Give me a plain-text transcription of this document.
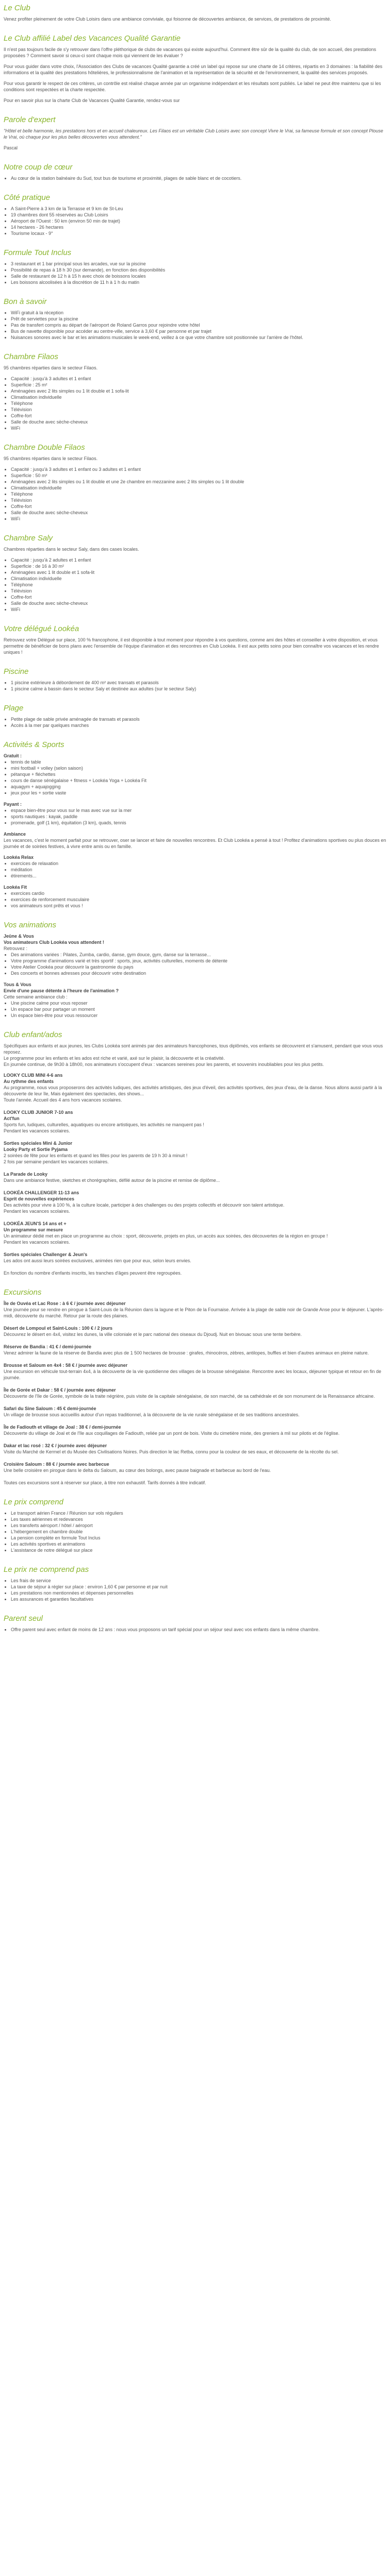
Le Club

Venez profiter pleinement de votre Club Loisirs dans une ambiance conviviale, qui foisonne de découvertes ambiance, de services, de prestations de proximité.

Le Club affilié Label des Vacances Qualité Garantie

Il n'est pas toujours facile de s'y retrouver dans l'offre pléthorique de clubs de vacances qui existe aujourd'hui. Comment être sûr de la qualité du club, de son accueil, des prestations proposées ? Comment savoir si ceux-ci sont chaque mois qui viennent de les évaluer ?

Pour vous guider dans votre choix, l'Association des Clubs de vacances Qualité garantie a créé un label qui repose sur une charte de 14 critères, répartis en 3 domaines : la fiabilité des informations et la qualité des prestations hôtelières, le professionnalisme de l'animation et la représentation de la sécurité et de l'environnement, la qualité des services proposés.

Pour vous garantir le respect de ces critères, un contrôle est réalisé chaque année par un organisme indépendant et les résultats sont publiés. Le label ne peut être maintenu que si les conditions sont respectées et la charte respectée.

Pour en savoir plus sur la charte Club de Vacances Qualité Garantie, rendez-vous sur

Parole d'expert

"Hôtel et belle harmonie, les prestations hors et en accueil chaleureux. Les Filaos est un véritable Club Loisirs avec son concept Vivre le Vrai, sa fameuse formule et son concept Plouse le Vrai, où chaque jour les plus belles découvertes vous attendent."

Pascal

Notre coup de cœur
• Au cœur de la station balnéaire du Sud, tout bus de tourisme et proximité, plages de sable blanc et de cocotiers.
Côté pratique
• A Saint-Pierre à 3 km de la Terrasse et 9 km de St-Leu
• 19 chambres dont 55 réservées au Club Loisirs
• Aéroport de l'Ouest : 50 km (environ 50 min de trajet)
• 14 hectares - 26 hectares
• Tourisme locaux - 9°
Formule Tout Inclus
• 3 restaurant et 1 bar principal sous les arcades, vue sur la piscine
• Possibilité de repas à 18 h 30 (sur demande), en fonction des disponibilités
• Salle de restaurant de 12 h à 15 h avec choix de boissons locales
• Les boissons alcoolisées à la discrétion de 11 h à 1 h du matin
Bon à savoir
• WiFi gratuit à la réception
• Prêt de serviettes pour la piscine
• Pas de transfert compris au départ de l'aéroport de Roland Garros pour rejoindre votre hôtel
• Bus de navette disponible pour accéder au centre-ville, service à 3,60 € par personne et par trajet
• Nuisances sonores avec le bar et les animations musicales le week-end, veillez à ce que votre chambre soit positionnée sur l'arrière de l'hôtel.
Chambre Filaos

95 chambres réparties dans le secteur Filaos.

• Capacité : jusqu'à 3 adultes et 1 enfant
• Superficie : 25 m²
• Aménagées avec 2 lits simples ou 1 lit double et 1 sofa-lit
• Climatisation individuelle
• Téléphone
• Télévision
• Coffre-fort
• Salle de douche avec sèche-cheveux
• WiFi
Chambre Double Filaos

95 chambres réparties dans le secteur Filaos.

• Capacité : jusqu'à 3 adultes et 1 enfant ou 3 adultes et 1 enfant
• Superficie : 50 m²
• Aménagées avec 2 lits simples ou 1 lit double et une 2e chambre en mezzanine avec 2 lits simples ou 1 lit double
• Climatisation individuelle
• Téléphone
• Télévision
• Coffre-fort
• Salle de douche avec sèche-cheveux
• WiFi
Chambre Saly

Chambres réparties dans le secteur Saly, dans des cases locales.

• Capacité : jusqu'à 2 adultes et 1 enfant
• Superficie : de 16 à 30 m²
• Aménagées avec 1 lit double et 1 sofa-lit
• Climatisation individuelle
• Téléphone
• Télévision
• Coffre-fort
• Salle de douche avec sèche-cheveux
• WiFi
Votre délégué Lookéa

Retrouvez votre Délégué sur place, 100 % francophone, il est disponible à tout moment pour répondre à vos questions, comme ami des hôtes et conseiller à votre disposition, et vous permettre de bénéficier de bons plans avec l'ensemble de l'équipe d'animation et des rencontres en Club Lookéa. Il est aux petits soins pour bien connaître vos vacances et les rendre uniques !

Piscine
• 1 piscine extérieure à débordement de 400 m² avec transats et parasols
• 1 piscine calme à bassin dans le secteur Saly et destinée aux adultes (sur le secteur Saly)
Plage
• Petite plage de sable privée aménagée de transats et parasols
• Accès à la mer par quelques marches
Activités & Sports

Gratuit :

• tennis de table
• mini football + volley (selon saison)
• pétanque + fléchettes
• cours de danse sénégalaise + fitness + Lookéa Yoga + Lookéa Fit
• aquagym + aquajogging
• jeux pour les + sortie vaste

Payant :

• espace bien-être pour vous sur le mas avec vue sur la mer
• sports nautiques : kayak, paddle
• promenade, golf (1 km), équitation (3 km), quads, tennis

Ambiance

Les vacances, c'est le moment parfait pour se retrouver, oser se lancer et faire de nouvelles rencontres. Et Club Lookéa a pensé à tout ! Profitez d'animations sportives ou plus douces en journée et de soirées festives, à vivre entre amis ou en famille.

Lookéa Relax

• exercices de relaxation
• méditation
• étirements...

Lookéa Fit

• exercices cardio
• exercices de renforcement musculaire
• vos animateurs sont prêts et vous !
Vos animations

Jeûne & Vous

Vos animateurs Club Lookéa vous attendent !

Retrouvez :

• Des animations variées : Pilates, Zumba, cardio, danse, gym douce, gym, danse sur la terrasse...
• Votre programme d'animations varié et très sportif : sports, jeux, activités culturelles, moments de détente
• Votre Atelier Cookéa pour découvrir la gastronomie du pays
• Des concerts et bonnes adresses pour découvrir votre destination

Tous & Vous

Envie d'une pause détente à l'heure de l'animation ?

Cette semaine ambiance club :

• Une piscine calme pour vous reposer
• Un espace bar pour partager un moment
• Un espace bien-être pour vous ressourcer
Club enfant/ados

Spécifiques aux enfants et aux jeunes, les Clubs Lookéa sont animés par des animateurs francophones, tous diplômés, vos enfants se découvrent et s'amusent, pendant que vous vous reposez.

Le programme pour les enfants et les ados est riche et varié, axé sur le plaisir, la découverte et la créativité.

En journée continue, de 9h30 à 18h00, nos animateurs s'occupent d'eux : vacances sereines pour les parents, et souvenirs inoubliables pour les plus petits.

LOOKY CLUB MINI 4-6 ans

Au rythme des enfants

Au programme, nous vous proposerons des activités ludiques, des activités artistiques, des jeux d'éveil, des activités sportives, des jeux d'eau, de la danse. Nous allons aussi partir à la découverte de leur île, Mais également des spectacles, des shows...

Toute l'année. Accueil des 4 ans hors vacances scolaires.

LOOKY CLUB JUNIOR 7-10 ans

Act'fun

Sports fun, ludiques, culturelles, aquatiques ou encore artistiques, les activités ne manquent pas !

Pendant les vacances scolaires.

Sorties spéciales Mini & Junior

Looky Party et Sortie Pyjama

2 soirées de fête pour les enfants et quand les filles pour les parents de 19 h 30 à minuit !

2 fois par semaine pendant les vacances scolaires.

La Parade de Looky

Dans une ambiance festive, sketches et chorégraphies, défilé autour de la piscine et remise de diplôme...

LOOKÉA CHALLENGER 11-13 ans

Esprit de nouvelles expériences

Des activités pour vivre à 100 %, à la culture locale, participer à des challenges ou des projets collectifs et découvrir son talent artistique.

Pendant les vacances scolaires.

LOOKÉA JEUN'S 14 ans et +

Un programme sur mesure

Un animateur dédié met en place un programme au choix : sport, découverte, projets en plus, un accès aux soirées, des découvertes de la région en groupe !

Pendant les vacances scolaires.

Sorties spéciales Challenger & Jeun's

Les ados ont aussi leurs soirées exclusives, animées rien que pour eux, selon leurs envies.

En fonction du nombre d'enfants inscrits, les tranches d'âges peuvent être regroupées.

Excursions

Île de Ouvéa et Lac Rose : à 6 € / journée avec déjeuner

Une journée pour se rendre en pirogue à Saint-Louis de la Réunion dans la lagune et le Piton de la Fournaise. Arrivée à la plage de sable noir de Grande Anse pour le déjeuner. L'après-midi, découverte du marché. Retour par la route des plaines.

Désert de Lompoul et Saint-Louis : 100 € / 2 jours

Découvrez le désert en 4x4, visitez les dunes, la ville coloniale et le parc national des oiseaux du Djoudj. Nuit en bivouac sous une tente berbère.

Réserve de Bandia : 41 € / demi-journée

Venez admirer la faune de la réserve de Bandia avec plus de 1 500 hectares de brousse : girafes, rhinocéros, zèbres, antilopes, buffles et bien d'autres animaux en pleine nature.

Brousse et Saloum en 4x4 : 58 € / journée avec déjeuner

Une excursion en véhicule tout-terrain 4x4, à la découverte de la vie quotidienne des villages de la brousse sénégalaise. Rencontre avec les locaux, déjeuner typique et retour en fin de journée.

Île de Gorée et Dakar : 58 € / journée avec déjeuner

Découverte de l'île de Gorée, symbole de la traite négrière, puis visite de la capitale sénégalaise, de son marché, de sa cathédrale et de son monument de la Renaissance africaine.

Safari du Sine Saloum : 45 € demi-journée

Un village de brousse sous accueillis autour d'un repas traditionnel, à la découverte de la vie rurale sénégalaise et de ses traditions ancestrales.

Île de Fadiouth et village de Joal : 38 € / demi-journée

Découverte du village de Joal et de l'île aux coquillages de Fadiouth, reliée par un pont de bois. Visite du cimetière mixte, des greniers à mil sur pilotis et de l'église.

Dakar et lac rosé : 32 € / journée avec déjeuner

Visite du Marché de Kermel et du Musée des Civilisations Noires. Puis direction le lac Retba, connu pour la couleur de ses eaux, et découverte de la récolte du sel.

Croisière Saloum : 88 € / journée avec barbecue

Une belle croisière en pirogue dans le delta du Saloum, au cœur des bolongs, avec pause baignade et barbecue au bord de l'eau.

Toutes ces excursions sont à réserver sur place, à titre non exhaustif. Tarifs donnés à titre indicatif.

Le prix comprend
• Le transport aérien France / Réunion sur vols réguliers
• Les taxes aériennes et redevances
• Les transferts aéroport / hôtel / aéroport
• L'hébergement en chambre double
• La pension complète en formule Tout Inclus
• Les activités sportives et animations
• L'assistance de notre délégué sur place
Le prix ne comprend pas
• Les frais de service
• La taxe de séjour à régler sur place : environ 1,60 € par personne et par nuit
• Les prestations non mentionnées et dépenses personnelles
• Les assurances et garanties facultatives
Parent seul
• Offre parent seul avec enfant de moins de 12 ans : nous vous proposons un tarif spécial pour un séjour seul avec vos enfants dans la même chambre.
